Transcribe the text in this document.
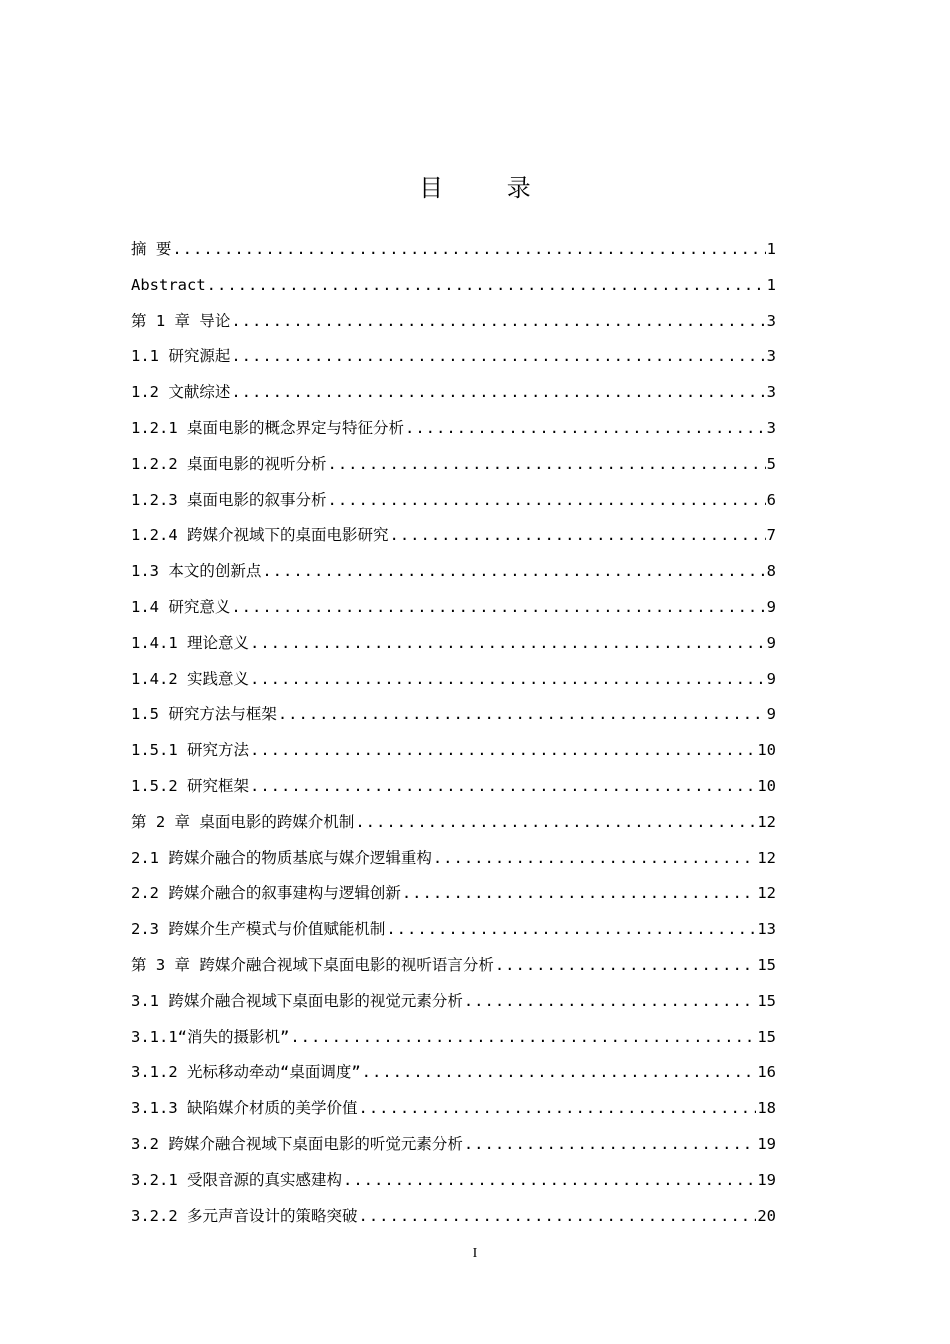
目 录
摘 要 .....	1
Abstract .....	1
第 1 章 导论 .....	3
1.1 研究源起 .....	3
1.2 文献综述 .....	3
1.2.1 桌面电影的概念界定与特征分析 .....	3
1.2.2 桌面电影的视听分析 .....	5
1.2.3 桌面电影的叙事分析 .....	6
1.2.4 跨媒介视域下的桌面电影研究 .....	7
1.3 本文的创新点 .....	8
1.4 研究意义 .....	9
1.4.1 理论意义 .....	9
1.4.2 实践意义 .....	9
1.5 研究方法与框架 .....	9
1.5.1 研究方法 .....	10
1.5.2 研究框架 .....	10
第 2 章 桌面电影的跨媒介机制 .....	12
2.1 跨媒介融合的物质基底与媒介逻辑重构 .....	12
2.2 跨媒介融合的叙事建构与逻辑创新 .....	12
2.3 跨媒介生产模式与价值赋能机制 .....	13
第 3 章 跨媒介融合视域下桌面电影的视听语言分析 .....	15
3.1 跨媒介融合视域下桌面电影的视觉元素分析 .....	15
3.1.1“消失的摄影机” .....	15
3.1.2 光标移动牵动“桌面调度” .....	16
3.1.3 缺陷媒介材质的美学价值 .....	18
3.2 跨媒介融合视域下桌面电影的听觉元素分析 .....	19
3.2.1 受限音源的真实感建构 .....	19
3.2.2 多元声音设计的策略突破 .....	20
I
